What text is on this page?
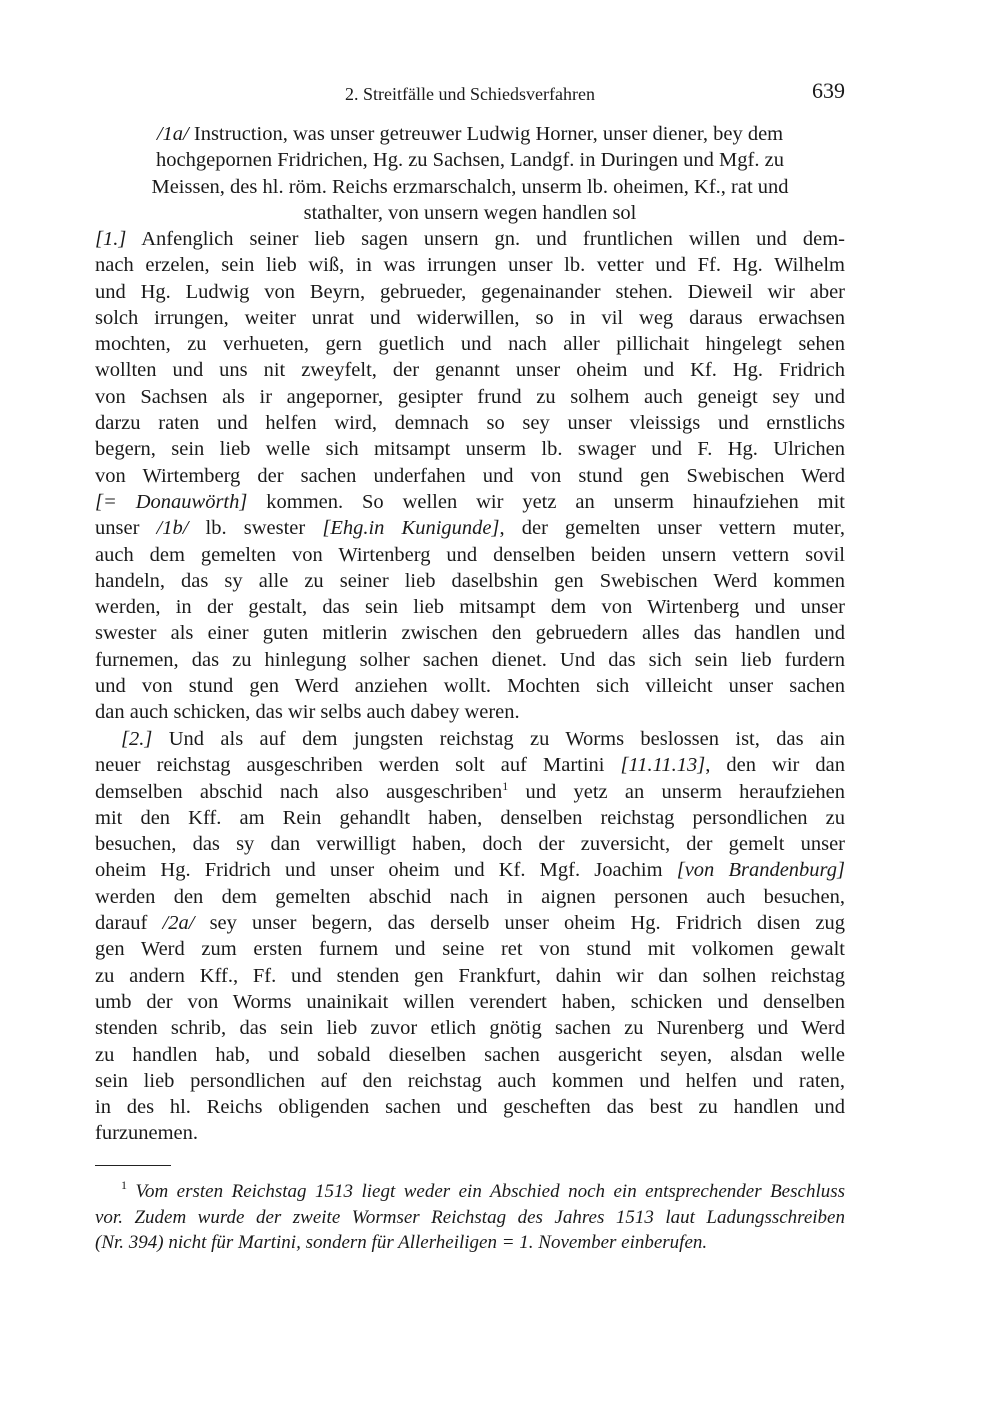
2. Streitfälle und Schiedsverfahren	639
/1a/ Instruction, was unser getreuwer Ludwig Horner, unser diener, bey dem
hochgepornen Fridrichen, Hg. zu Sachsen, Landgf. in Duringen und Mgf. zu
Meissen, des hl. röm. Reichs erzmarschalch, unserm lb. oheimen, Kf., rat und
stathalter, von unsern wegen handlen sol
[1.] Anfenglich seiner lieb sagen unsern gn. und fruntlichen willen und dem-
nach erzelen, sein lieb wiß, in was irrungen unser lb. vetter und Ff. Hg. Wilhelm
und Hg. Ludwig von Beyrn, gebrueder, gegenainander stehen. Dieweil wir aber
solch irrungen, weiter unrat und widerwillen, so in vil weg daraus erwachsen
mochten, zu verhueten, gern guetlich und nach aller pillichait hingelegt sehen
wollten und uns nit zweyfelt, der genannt unser oheim und Kf. Hg. Fridrich
von Sachsen als ir angeporner, gesipter frund zu solhem auch geneigt sey und
darzu raten und helfen wird, demnach so sey unser vleissigs und ernstlichs
begern, sein lieb welle sich mitsampt unserm lb. swager und F. Hg. Ulrichen
von Wirtemberg der sachen underfahen und von stund gen Swebischen Werd
[= Donauwörth] kommen. So wellen wir yetz an unserm hinaufziehen mit
unser /1b/ lb. swester [Ehg.in Kunigunde], der gemelten unser vettern muter,
auch dem gemelten von Wirtenberg und denselben beiden unsern vettern sovil
handeln, das sy alle zu seiner lieb daselbshin gen Swebischen Werd kommen
werden, in der gestalt, das sein lieb mitsampt dem von Wirtenberg und unser
swester als einer guten mitlerin zwischen den gebruedern alles das handlen und
furnemen, das zu hinlegung solher sachen dienet. Und das sich sein lieb furdern
und von stund gen Werd anziehen wollt. Mochten sich villeicht unser sachen
dan auch schicken, das wir selbs auch dabey weren.
[2.] Und als auf dem jungsten reichstag zu Worms beslossen ist, das ain
neuer reichstag ausgeschriben werden solt auf Martini [11.11.13], den wir dan
demselben abschid nach also ausgeschriben$^1$ und yetz an unserm heraufziehen
mit den Kff. am Rein gehandlt haben, denselben reichstag persondlichen zu
besuchen, das sy dan verwilligt haben, doch der zuversicht, der gemelt unser
oheim Hg. Fridrich und unser oheim und Kf. Mgf. Joachim [von Brandenburg]
werden den dem gemelten abschid nach in aignen personen auch besuchen,
darauf /2a/ sey unser begern, das derselb unser oheim Hg. Fridrich disen zug
gen Werd zum ersten furnem und seine ret von stund mit volkomen gewalt
zu andern Kff., Ff. und stenden gen Frankfurt, dahin wir dan solhen reichstag
umb der von Worms unainikait willen verendert haben, schicken und denselben
stenden schrib, das sein lieb zuvor etlich gnötig sachen zu Nurenberg und Werd
zu handlen hab, und sobald dieselben sachen ausgericht seyen, alsdan welle
sein lieb persondlichen auf den reichstag auch kommen und helfen und raten,
in des hl. Reichs obligenden sachen und gescheften das best zu handlen und
furzunemen.
$^1$ Vom ersten Reichstag 1513 liegt weder ein Abschied noch ein entsprechender Beschluss
vor. Zudem wurde der zweite Wormser Reichstag des Jahres 1513 laut Ladungsschreiben
(Nr. 394) nicht für Martini, sondern für Allerheiligen = 1. November einberufen.
